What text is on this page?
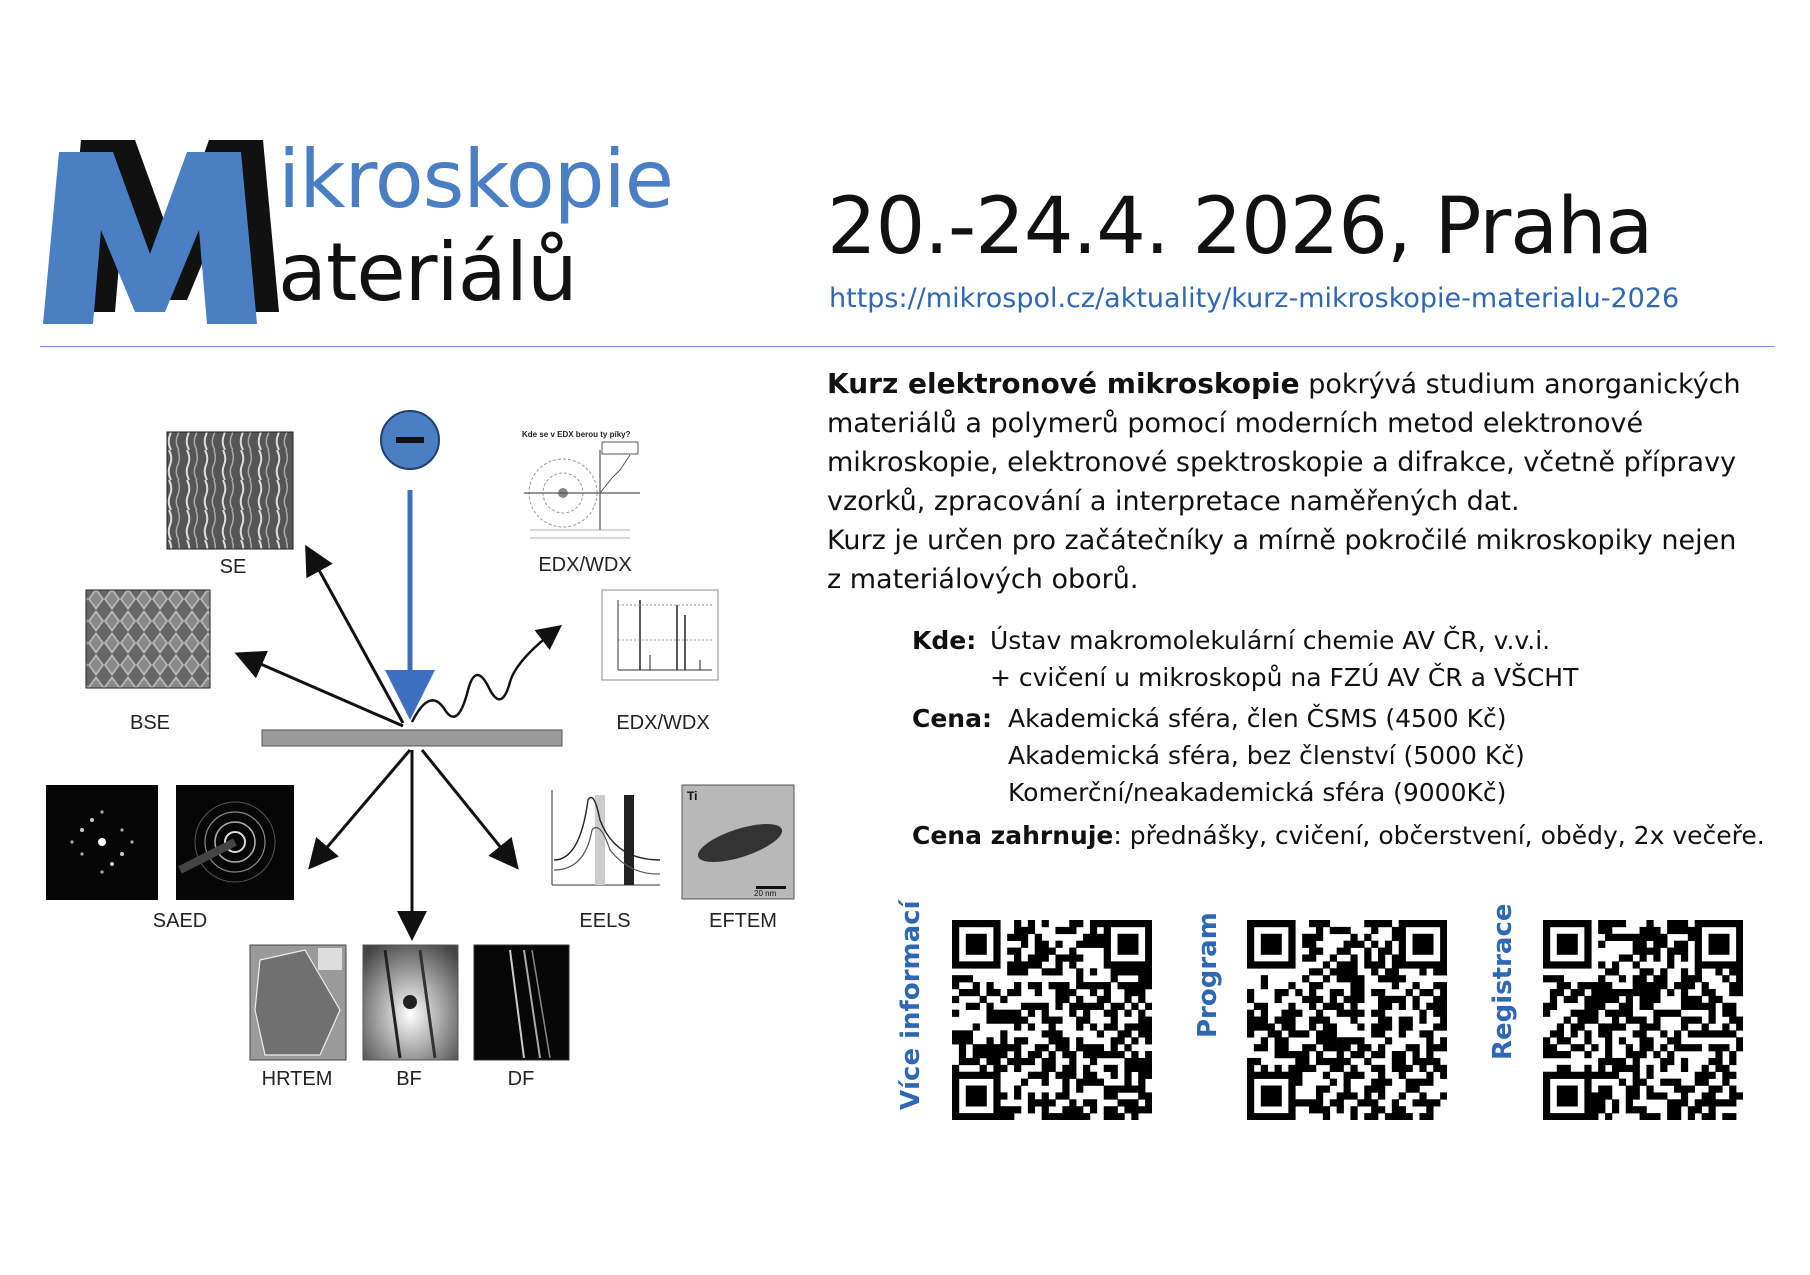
ikroskopie
ateriálů	20.-24.4. 2026, Praha
https://mikrospol.cz/aktuality/kurz-mikroskopie-materialu-2026
Kurz elektronové mikroskopie pokrývá studium anorganických
materiálů a polymerů pomocí moderních metod elektronové
mikroskopie, elektronové spektroskopie a difrakce, včetně přípravy
vzorků, zpracování a interpretace naměřených dat.
Kurz je určen pro začátečníky a mírně pokročilé mikroskopiky nejen
z materiálových oborů.
Kde: Ústav makromolekulární chemie AV ČR, v.v.i.
+ cvičení u mikroskopů na FZÚ AV ČR a VŠCHT
Cena: Akademická sféra, člen ČSMS (4500 Kč)
Akademická sféra, bez členství (5000 Kč)
Komerční/neakademická sféra (9000Kč)
Cena zahrnuje : přednášky, cvičení, občerstvení, obědy, 2x večeře.
Kde se v EDX berou ty píky?
Ti
20 nm
SE	EDX/WDX
BSE	EDX/WDX
SAED	EELS	EFTEM
HRTEM	BF	DF	Více informací	Program	Registrace
